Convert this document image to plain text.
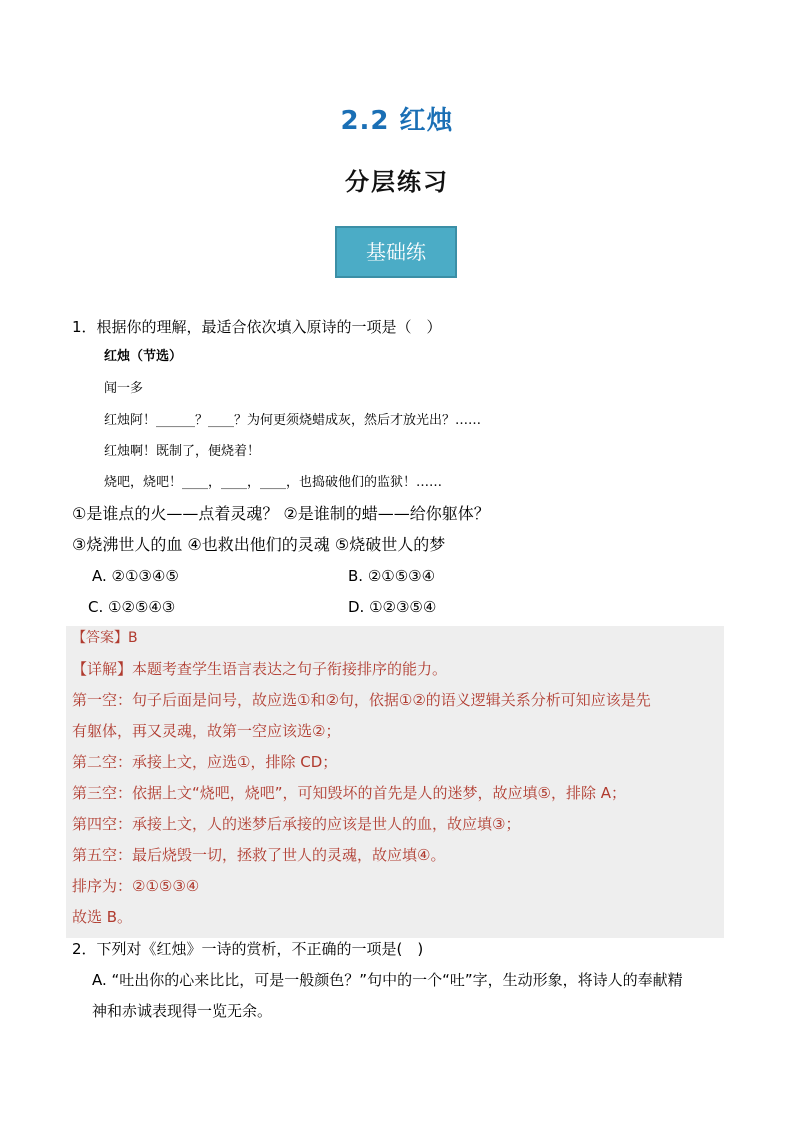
2.2 红烛
分层练习
基础练
1．根据你的理解，最适合依次填入原诗的一项是（　）
红烛（节选）
闻一多
红烛阿！______？____？为何更须烧蜡成灰，然后才放光出？……
红烛啊！既制了，便烧着！
烧吧，烧吧！____，____，____，也捣破他们的监狱！……
①是谁点的火——点着灵魂？ ②是谁制的蜡——给你躯体？
③烧沸世人的血 ④也救出他们的灵魂 ⑤烧破世人的梦
A. ②①③④⑤	B. ②①⑤③④
C. ①②⑤④③	D. ①②③⑤④
【答案】B
【详解】本题考查学生语言表达之句子衔接排序的能力。
第一空：句子后面是问号，故应选①和②句，依据①②的语义逻辑关系分析可知应该是先
有躯体，再又灵魂，故第一空应该选②；
第二空：承接上文，应选①，排除 CD；
第三空：依据上文“烧吧，烧吧”，可知毁坏的首先是人的迷梦，故应填⑤，排除 A；
第四空：承接上文，人的迷梦后承接的应该是世人的血，故应填③；
第五空：最后烧毁一切，拯救了世人的灵魂，故应填④。
排序为：②①⑤③④
故选 B。
2．下列对《红烛》一诗的赏析，不正确的一项是(　)
A. “吐出你的心来比比，可是一般颜色？”句中的一个“吐”字，生动形象，将诗人的奉献精
神和赤诚表现得一览无余。
